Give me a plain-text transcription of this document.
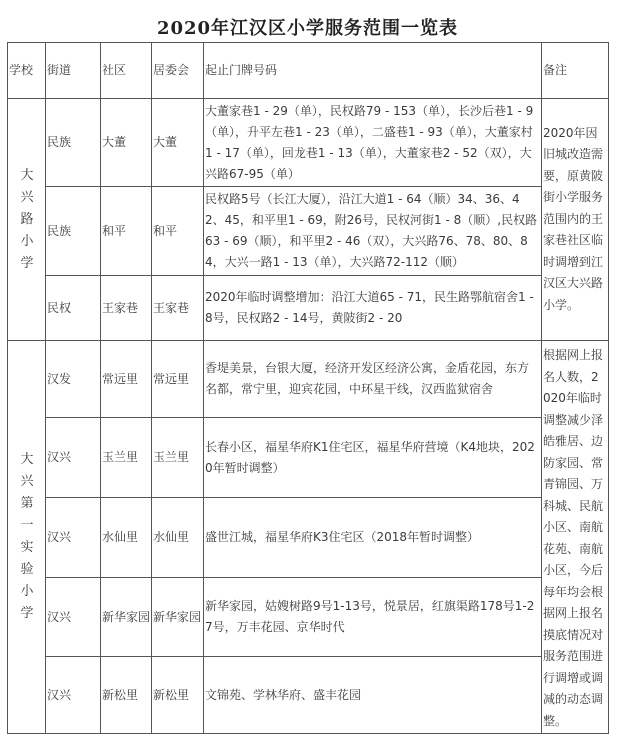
2020年江汉区小学服务范围一览表
学校	街道	社区	居委会	起止门牌号码	备注

大兴路小学	民族	大董	大董	大董家巷1 - 29（单），民权路79 - 153（单），长沙后巷1 - 9（单），升平左巷1 - 23（单），二盛巷1 - 93（单），大董家村1 - 17（单），回龙巷1 - 13（单），大董家巷2 - 52（双），大兴路67-95（单）	2020年因旧城改造需要，原黄陂街小学服务范围内的王家巷社区临时调增到江汉区大兴路小学。
	民族	和平	和平	民权路5号（长江大厦），沿江大道1 - 64（顺）34、36、42、45，和平里1 - 69，附26号，民权河街1 - 8（顺）,民权路63 - 69（顺），和平里2 - 46（双），大兴路76、78、80、84，大兴一路1 - 13（单），大兴路72-112（顺）	
	民权	王家巷	王家巷	2020年临时调整增加：沿江大道65 - 71，民生路鄂航宿舍1 - 8号，民权路2 - 14号，黄陂街2 - 20	

大兴第一实验小学	汉发	常远里	常远里	香堤美景，台银大厦，经济开发区经济公寓，金盾花园，东方名都，常宁里，迎宾花园，中环星干线，汉西监狱宿舍	根据网上报名人数，2020年临时调整减少泽皓雅居、边防家园、常青锦园、万科城、民航小区、南航花苑、南航小区，今后每年均会根据网上报名摸底情况对服务范围进行调增或调减的动态调整。
	汉兴	玉兰里	玉兰里	长春小区，福星华府K1住宅区，福星华府营境（K4地块，2020年暂时调整）	
	汉兴	水仙里	水仙里	盛世江城，福星华府K3住宅区（2018年暂时调整）	
	汉兴	新华家园	新华家园	新华家园，姑嫂树路9号1-13号，悦景居，红旗渠路178号1-27号，万丰花园、京华时代	
	汉兴	新松里	新松里	文锦苑、学林华府、盛丰花园	
